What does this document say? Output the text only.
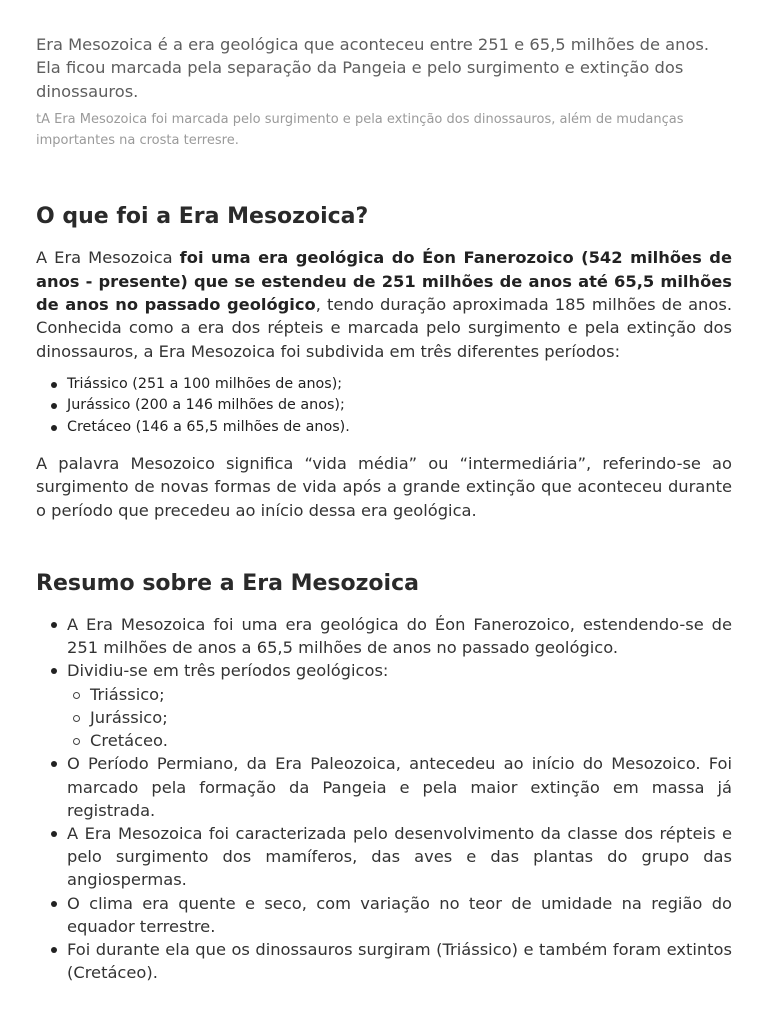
Era Mesozoica é a era geológica que aconteceu entre 251 e 65,5 milhões de anos. Ela ficou marcada pela separação da Pangeia e pelo surgimento e extinção dos dinossauros.

tA Era Mesozoica foi marcada pelo surgimento e pela extinção dos dinossauros, além de mudanças importantes na crosta terresre.

O que foi a Era Mesozoica?

A Era Mesozoica foi uma era geológica do Éon Fanerozoico (542 milhões de anos - presente) que se estendeu de 251 milhões de anos até 65,5 milhões de anos no passado geológico, tendo duração aproximada 185 milhões de anos. Conhecida como a era dos répteis e marcada pelo surgimento e pela extinção dos dinossauros, a Era Mesozoica foi subdivida em três diferentes períodos:

Triássico (251 a 100 milhões de anos);
Jurássico (200 a 146 milhões de anos);
Cretáceo (146 a 65,5 milhões de anos).

A palavra Mesozoico significa “vida média” ou “intermediária”, referindo-se ao surgimento de novas formas de vida após a grande extinção que aconteceu durante o período que precedeu ao início dessa era geológica.

Resumo sobre a Era Mesozoica
A Era Mesozoica foi uma era geológica do Éon Fanerozoico, estendendo-se de 251 milhões de anos a 65,5 milhões de anos no passado geológico.
Dividiu-se em três períodos geológicos:
Triássico;
Jurássico;
Cretáceo.
O Período Permiano, da Era Paleozoica, antecedeu ao início do Mesozoico. Foi marcado pela formação da Pangeia e pela maior extinção em massa já registrada.
A Era Mesozoica foi caracterizada pelo desenvolvimento da classe dos répteis e pelo surgimento dos mamíferos, das aves e das plantas do grupo das angiospermas.
O clima era quente e seco, com variação no teor de umidade na região do equador terrestre.
Foi durante ela que os dinossauros surgiram (Triássico) e também foram extintos (Cretáceo).
